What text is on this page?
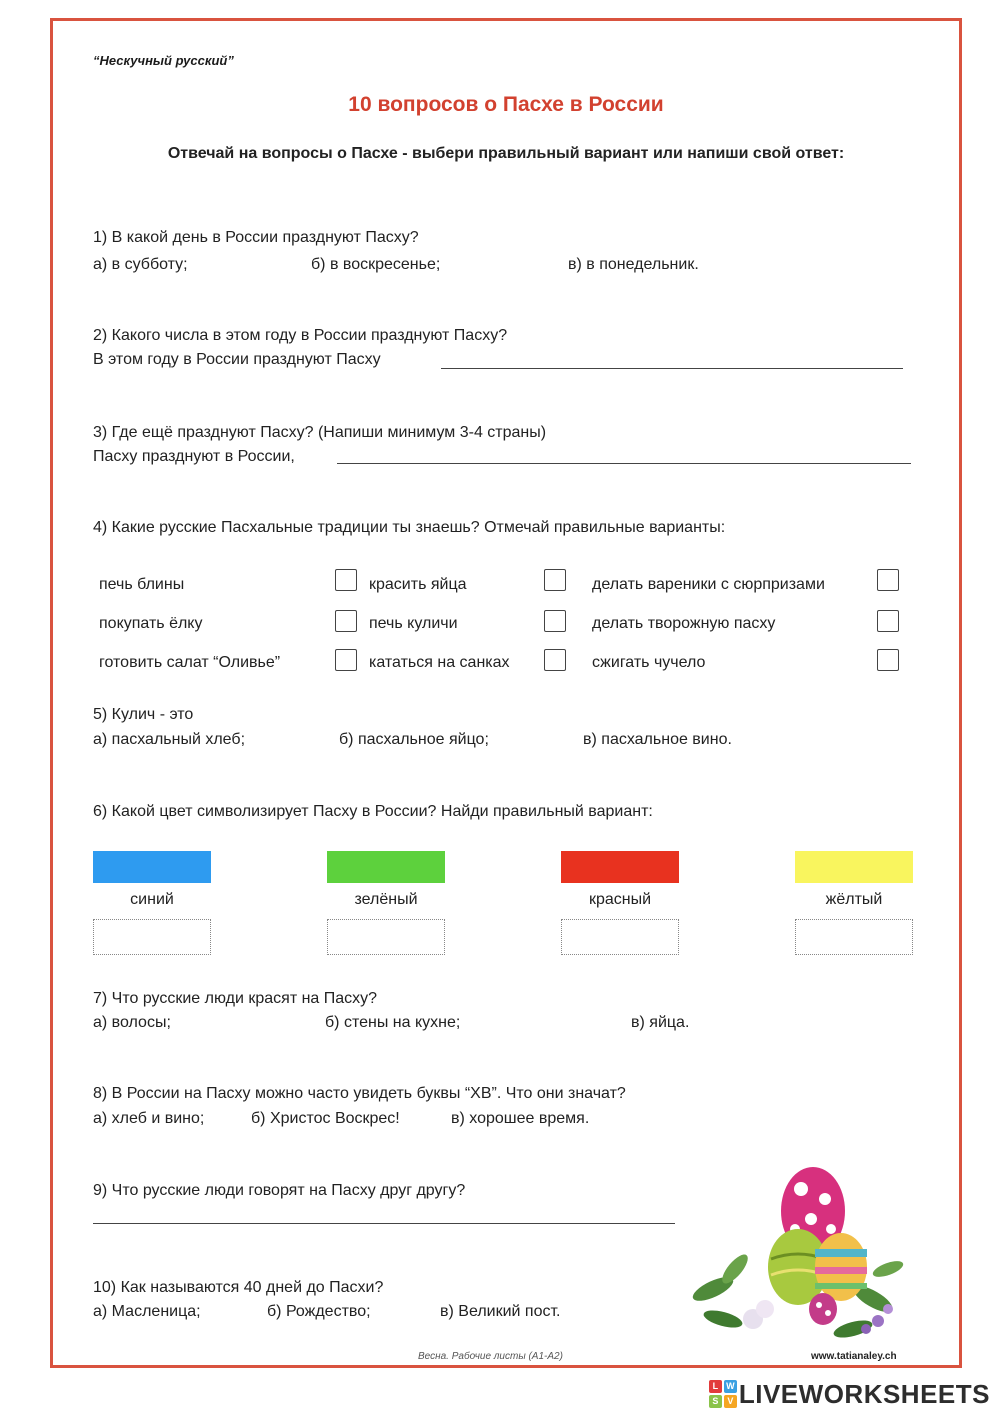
“Нескучный русский”
10 вопросов о Пасхе в России
Отвечай на вопросы о Пасхе - выбери правильный вариант или напиши свой ответ:
1) В какой день в России празднуют Пасху?
а) в субботу;	б) в воскресенье;	в) в понедельник.
2) Какого числа в этом году в России празднуют Пасху?
В этом году в России празднуют Пасху
3) Где ещё празднуют Пасху? (Напиши минимум 3-4 страны)
Пасху празднуют в России,
4) Какие русские Пасхальные традиции ты знаешь? Отмечай правильные варианты:
печь блины	красить яйца	делать вареники с сюрпризами
покупать ёлку	печь куличи	делать творожную пасху
готовить салат “Оливье”	кататься на санках	сжигать чучело
5) Кулич - это
а) пасхальный хлеб;	б) пасхальное яйцо;	в) пасхальное вино.
6) Какой цвет символизирует Пасху в России? Найди правильный вариант:
синий	зелёный	красный	жёлтый
7) Что русские люди красят на Пасху?
а) волосы;	б) стены на кухне;	в) яйца.
8) В России на Пасху можно часто увидеть буквы “ХВ”. Что они значат?
а) хлеб и вино;	б) Христос Воскрес!	в) хорошее время.
9) Что русские люди говорят на Пасху друг другу?
10) Как называются 40 дней до Пасхи?
а) Масленица;	б) Рождество;	в) Великий пост.
Весна. Рабочие листы (А1-А2)	www.tatianaley.ch
L W
S V LIVEWORKSHEETS
